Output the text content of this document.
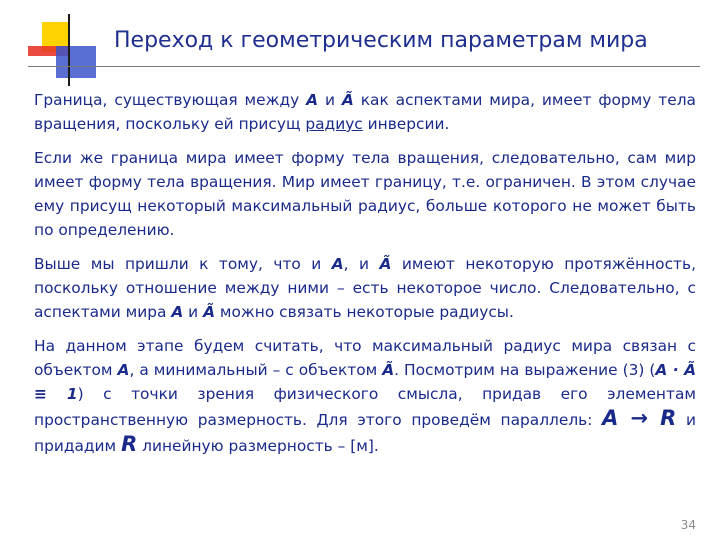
Переход к геометрическим параметрам мира

Граница, существующая между A и Ã как аспектами мира, имеет форму тела вращения, поскольку ей присущ радиус инверсии.

Если же граница мира имеет форму тела вращения, следовательно, сам мир имеет форму тела вращения. Мир имеет границу, т.е. ограничен. В этом случае ему присущ некоторый максимальный радиус, больше которого не может быть по определению.

Выше мы пришли к тому, что и A, и Ã имеют некоторую протяжённость, поскольку отношение между ними – есть некоторое число. Следовательно, с аспектами мира A и Ã можно связать некоторые радиусы.

На данном этапе будем считать, что максимальный радиус мира связан с объектом A, а минимальный – с объектом Ã. Посмотрим на выражение (3) (A · Ã ≡ 1) с точки зрения физического смысла, придав его элементам пространственную размерность. Для этого проведём параллель: A → R и придадим R линейную размерность – [м].

34
